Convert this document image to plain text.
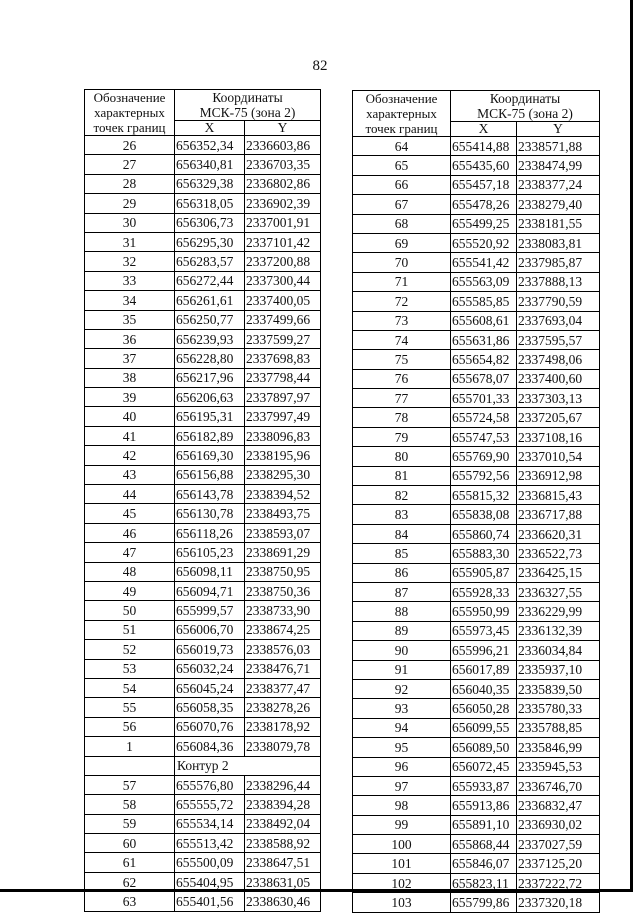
82
Обозначение
характерных
точек границ	Координаты
МСК-75 (зона 2)	
	X	Y
26	656352,34	2336603,86
27	656340,81	2336703,35
28	656329,38	2336802,86
29	656318,05	2336902,39
30	656306,73	2337001,91
31	656295,30	2337101,42
32	656283,57	2337200,88
33	656272,44	2337300,44
34	656261,61	2337400,05
35	656250,77	2337499,66
36	656239,93	2337599,27
37	656228,80	2337698,83
38	656217,96	2337798,44
39	656206,63	2337897,97
40	656195,31	2337997,49
41	656182,89	2338096,83
42	656169,30	2338195,96
43	656156,88	2338295,30
44	656143,78	2338394,52
45	656130,78	2338493,75
46	656118,26	2338593,07
47	656105,23	2338691,29
48	656098,11	2338750,95
49	656094,71	2338750,36
50	655999,57	2338733,90
51	656006,70	2338674,25
52	656019,73	2338576,03
53	656032,24	2338476,71
54	656045,24	2338377,47
55	656058,35	2338278,26
56	656070,76	2338178,92
1	656084,36	2338079,78
	Контур 2	
57	655576,80	2338296,44
58	655555,72	2338394,28
59	655534,14	2338492,04
60	655513,42	2338588,92
61	655500,09	2338647,51
62	655404,95	2338631,05
63	655401,56	2338630,46
Обозначение
характерных
точек границ	Координаты
МСК-75 (зона 2)	
	X	Y
64	655414,88	2338571,88
65	655435,60	2338474,99
66	655457,18	2338377,24
67	655478,26	2338279,40
68	655499,25	2338181,55
69	655520,92	2338083,81
70	655541,42	2337985,87
71	655563,09	2337888,13
72	655585,85	2337790,59
73	655608,61	2337693,04
74	655631,86	2337595,57
75	655654,82	2337498,06
76	655678,07	2337400,60
77	655701,33	2337303,13
78	655724,58	2337205,67
79	655747,53	2337108,16
80	655769,90	2337010,54
81	655792,56	2336912,98
82	655815,32	2336815,43
83	655838,08	2336717,88
84	655860,74	2336620,31
85	655883,30	2336522,73
86	655905,87	2336425,15
87	655928,33	2336327,55
88	655950,99	2336229,99
89	655973,45	2336132,39
90	655996,21	2336034,84
91	656017,89	2335937,10
92	656040,35	2335839,50
93	656050,28	2335780,33
94	656099,55	2335788,85
95	656089,50	2335846,99
96	656072,45	2335945,53
97	655933,87	2336746,70
98	655913,86	2336832,47
99	655891,10	2336930,02
100	655868,44	2337027,59
101	655846,07	2337125,20
102	655823,11	2337222,72
103	655799,86	2337320,18
